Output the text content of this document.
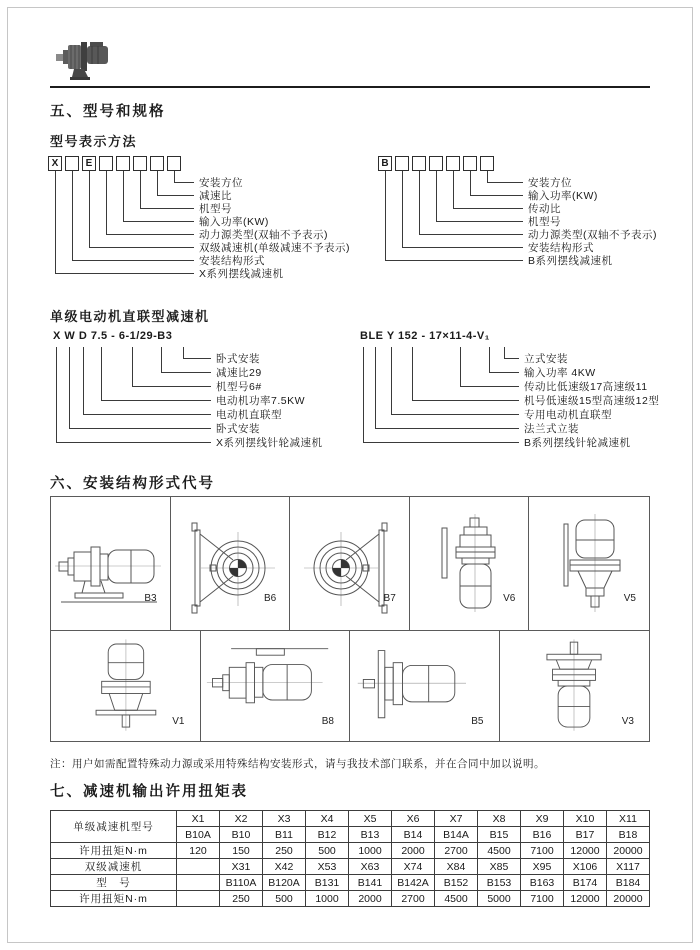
五、型号和规格
型号表示方法
X	E
安装方位
减速比
机型号
输入功率(KW)
动力源类型(双轴不予表示)
双级减速机(单级减速不予表示)
安装结构形式
X系列摆线减速机
B
安装方位
输入功率(KW)
传动比
机型号
动力源类型(双轴不予表示)
安装结构形式
B系列摆线减速机
单级电动机直联型减速机
X W D 7.5 - 6-1/29-B3
卧式安装
减速比29
机型号6#
电动机功率7.5KW
电动机直联型
卧式安装
X系列摆线针轮减速机
BLE Y 152 - 17×11-4-V₁
立式安装
输入功率 4KW
传动比低速级17高速级11
机号低速级15型高速级12型
专用电动机直联型
法兰式立装
B系列摆线针轮减速机
六、安装结构形式代号
B3	B6	B7	V6	V5
V1	B8	B5	V3
注：用户如需配置特殊动力源或采用特殊结构安装形式，请与我技术部门联系，并在合同中加以说明。
七、减速机输出许用扭矩表
单级减速机型号	X1	X2	X3	X4	X5	X6	X7	X8	X9	X10	X11
	B10A	B10	B11	B12	B13	B14	B14A	B15	B16	B17	B18
许用扭矩N·m	120	150	250	500	1000	2000	2700	4500	7100	12000	20000
双级减速机		X31	X42	X53	X63	X74	X84	X85	X95	X106	X117
型　号		B110A	B120A	B131	B141	B142A	B152	B153	B163	B174	B184
许用扭矩N·m		250	500	1000	2000	2700	4500	5000	7100	12000	20000
